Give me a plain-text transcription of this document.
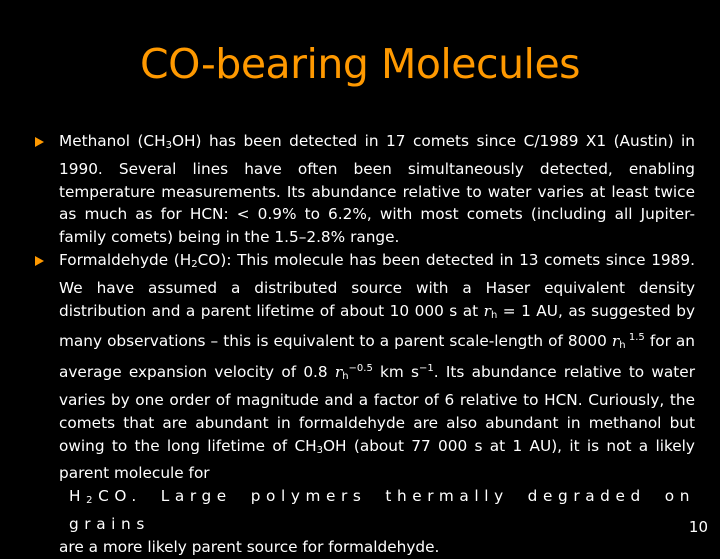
CO-bearing Molecules
Methanol $(CH_3OH)$ has been detected in 17 comets since C/1989 X1 (Austin) in 1990. Several lines have often been simultaneously detected, enabling temperature measurements. Its abundance relative to water varies at least twice as much as for HCN: < 0.9% to 6.2%, with most comets (including all Jupiter-family comets) being in the 1.5–2.8% range.
Formaldehyde $(H_2CO)$: This molecule has been detected in 13 comets since 1989. We have assumed a distributed source with a Haser equivalent density distribution and a parent lifetime of about 10 000 s at $r_h = 1$ AU, as suggested by many observations – this is equivalent to a parent scale-length of 8000 $r_h$ $^{1.5}$ for an average expansion velocity of 0.8 $r_h^{-0.5}$ km $s^{-1}$. Its abundance relative to water varies by one order of magnitude and a factor of 6 relative to HCN. Curiously, the comets that are abundant in formaldehyde are also abundant in methanol but owing to the long lifetime of $CH_3OH$ (about 77 000 s at 1 AU), it is not a likely parent molecule for
$H_2CO$. Large polymers thermally degraded on grains
are a more likely parent source for formaldehyde.
10
